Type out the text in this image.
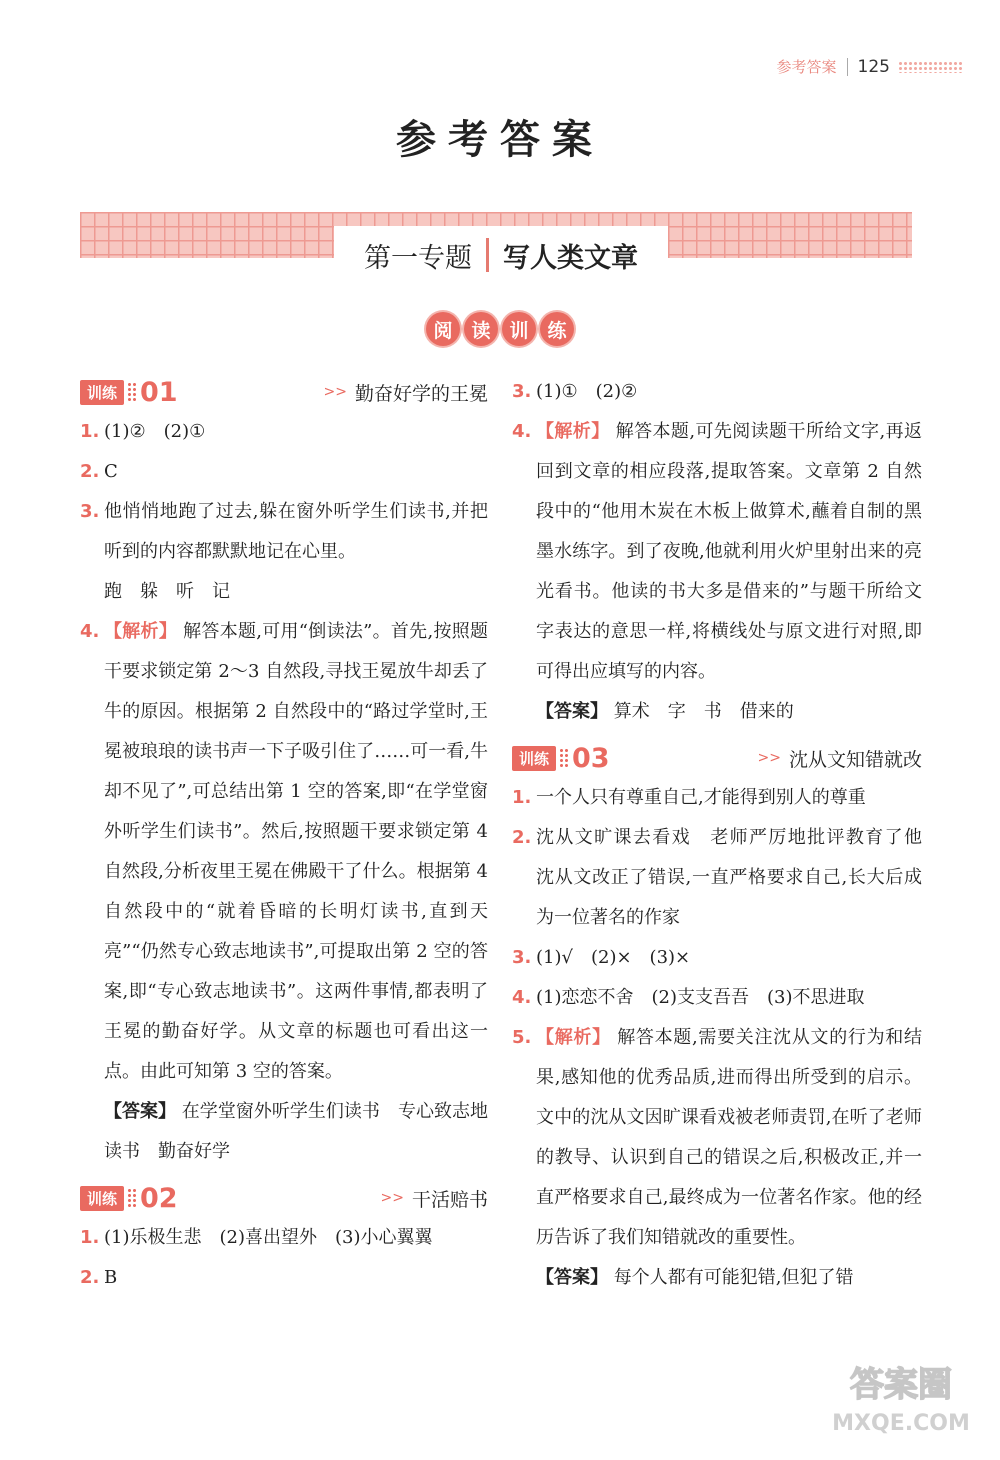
参考答案 125
参考答案
第一专题 写人类文章
阅 读 训 练
训练 01	>> 勤奋好学的王冕
1. (1)②　(2)①

2. C

3. 他悄悄地跑了过去,躲在窗外听学生们读书,并把听到的内容都默默地记在心里。

跑　躲　听　记

4. 【解析】 解答本题,可用“倒读法”。首先,按照题干要求锁定第 2～3 自然段,寻找王冕放牛却丢了牛的原因。根据第 2 自然段中的“路过学堂时,王冕被琅琅的读书声一下子吸引住了……可一看,牛却不见了”,可总结出第 1 空的答案,即“在学堂窗外听学生们读书”。然后,按照题干要求锁定第 4 自然段,分析夜里王冕在佛殿干了什么。根据第 4 自然段中的“就着昏暗的长明灯读书,直到天亮”“仍然专心致志地读书”,可提取出第 2 空的答案,即“专心致志地读书”。这两件事情,都表明了王冕的勤奋好学。从文章的标题也可看出这一点。由此可知第 3 空的答案。

【答案】 在学堂窗外听学生们读书　专心致志地读书　勤奋好学
训练 02	>> 干活赔书
1. (1)乐极生悲　(2)喜出望外　(3)小心翼翼

2. B

3. (1)①　(2)②

4. 【解析】 解答本题,可先阅读题干所给文字,再返回到文章的相应段落,提取答案。文章第 2 自然段中的“他用木炭在木板上做算术,蘸着自制的黑墨水练字。到了夜晚,他就利用火炉里射出来的亮光看书。他读的书大多是借来的”与题干所给文字表达的意思一样,将横线处与原文进行对照,即可得出应填写的内容。

【答案】 算术　字　书　借来的
训练 03	>> 沈从文知错就改
1. 一个人只有尊重自己,才能得到别人的尊重

2. 沈从文旷课去看戏　老师严厉地批评教育了他　沈从文改正了错误,一直严格要求自己,长大后成为一位著名的作家

3. (1)√　(2)×　(3)×

4. (1)恋恋不舍　(2)支支吾吾　(3)不思进取

5. 【解析】 解答本题,需要关注沈从文的行为和结果,感知他的优秀品质,进而得出所受到的启示。文中的沈从文因旷课看戏被老师责罚,在听了老师的教导、认识到自己的错误之后,积极改正,并一直严格要求自己,最终成为一位著名作家。他的经历告诉了我们知错就改的重要性。

【答案】 每个人都有可能犯错,但犯了错
答案圈
MXQE.COM
